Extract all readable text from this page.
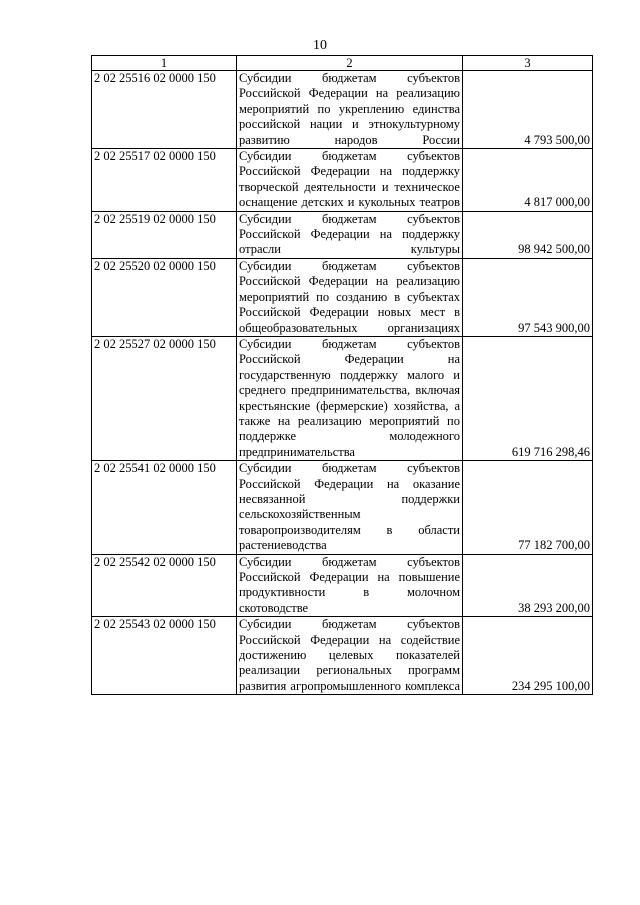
10
1	2	3
2 02 25516 02 0000 150	Субсидии бюджетам субъектов Российской Федерации на реализацию мероприятий по укреплению единства российской нации и этнокультурному развитию народов России	4 793 500,00
2 02 25517 02 0000 150	Субсидии бюджетам субъектов Российской Федерации на поддержку творческой деятельности и техническое оснащение детских и кукольных театров	4 817 000,00
2 02 25519 02 0000 150	Субсидии бюджетам субъектов Российской Федерации на поддержку отрасли культуры	98 942 500,00
2 02 25520 02 0000 150	Субсидии бюджетам субъектов Российской Федерации на реализацию мероприятий по созданию в субъектах Российской Федерации новых мест в общеобразовательных организациях	97 543 900,00
2 02 25527 02 0000 150	Субсидии бюджетам субъектов Российской Федерации на государственную поддержку малого и среднего предпринимательства, включая крестьянские (фермерские) хозяйства, а также на реализацию мероприятий по поддержке молодежного предпринимательства	619 716 298,46
2 02 25541 02 0000 150	Субсидии бюджетам субъектов Российской Федерации на оказание несвязанной поддержки сельскохозяйственным товаропроизводителям в области растениеводства	77 182 700,00
2 02 25542 02 0000 150	Субсидии бюджетам субъектов Российской Федерации на повышение продуктивности в молочном скотоводстве	38 293 200,00
2 02 25543 02 0000 150	Субсидии бюджетам субъектов Российской Федерации на содействие достижению целевых показателей реализации региональных программ развития агропромышленного комплекса	234 295 100,00
